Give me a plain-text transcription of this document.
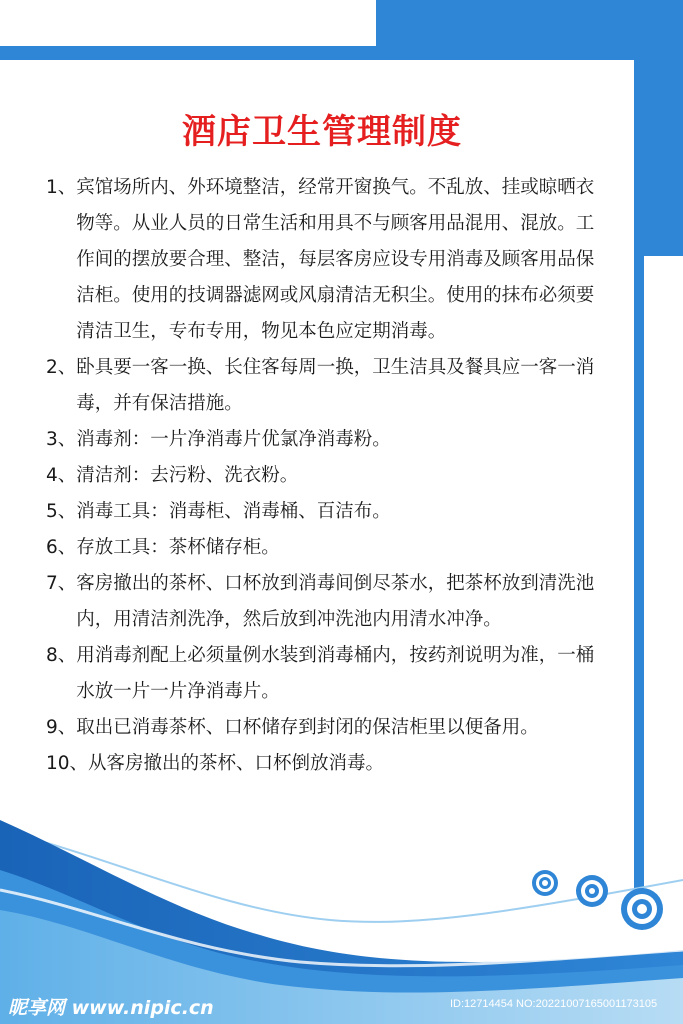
酒店卫生管理制度
1、 宾馆场所内、外环境整洁，经常开窗换气。不乱放、挂或晾晒衣物等。从业人员的日常生活和用具不与顾客用品混用、混放。工作间的摆放要合理、整洁，每层客房应设专用消毒及顾客用品保洁柜。使用的技调器滤网或风扇清洁无积尘。使用的抹布必须要清洁卫生，专布专用，物见本色应定期消毒。
2、 卧具要一客一换、长住客每周一换，卫生洁具及餐具应一客一消毒，并有保洁措施。
3、 消毒剂：一片净消毒片优氯净消毒粉。
4、 清洁剂：去污粉、洗衣粉。
5、 消毒工具：消毒柜、消毒桶、百洁布。
6、 存放工具：茶杯储存柜。
7、 客房撤出的茶杯、口杯放到消毒间倒尽茶水，把茶杯放到清洗池内，用清洁剂洗净，然后放到冲洗池内用清水冲净。
8、 用消毒剂配上必须量例水装到消毒桶内，按药剂说明为准，一桶水放一片一片净消毒片。
9、 取出已消毒茶杯、口杯储存到封闭的保洁柜里以便备用。
10、 从客房撤出的茶杯、口杯倒放消毒。
昵享网 www.nipic.cn	ID:12714454 NO:20221007165001173105
